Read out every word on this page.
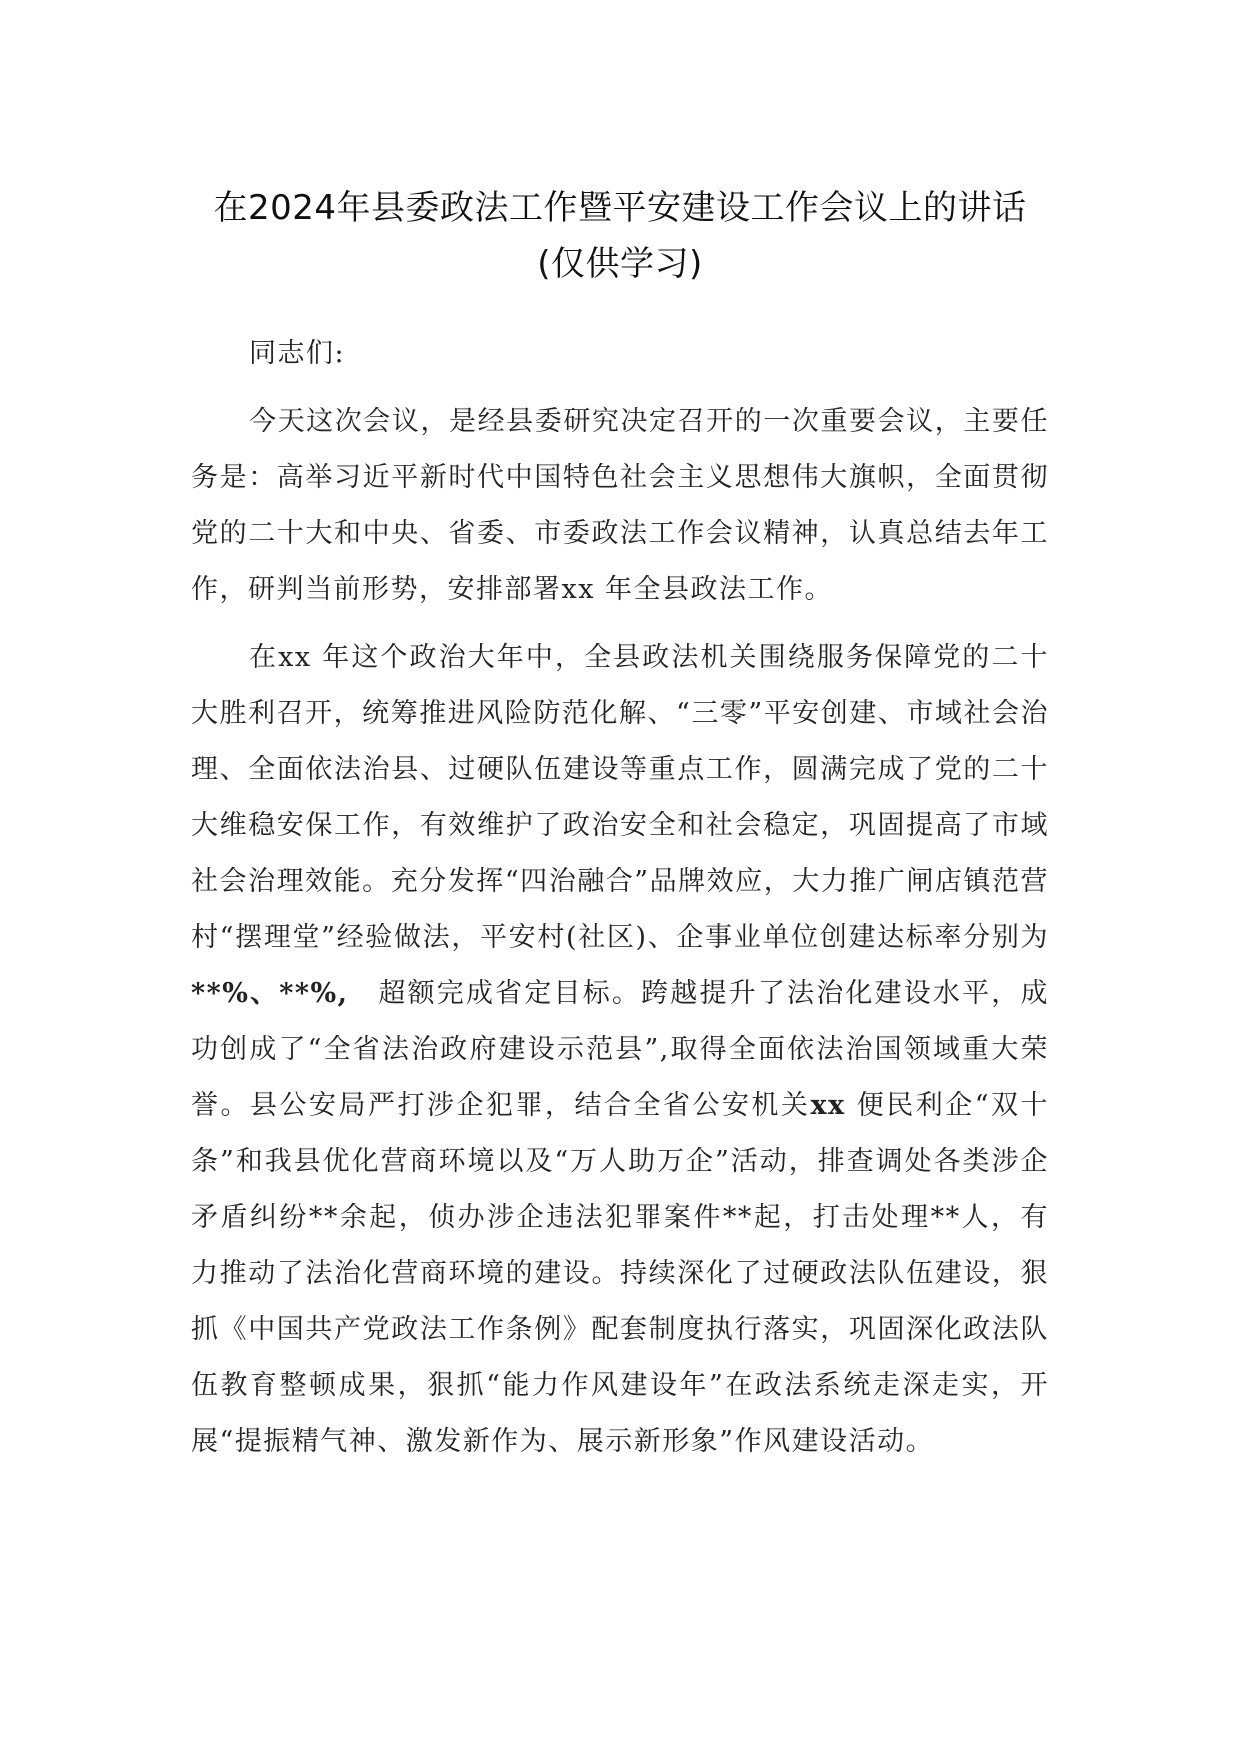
在2024年县委政法工作暨平安建设工作会议上的讲话(仅供学习)

同志们:

今天这次会议，是经县委研究决定召开的一次重要会议，主要任务是：高举习近平新时代中国特色社会主义思想伟大旗帜，全面贯彻党的二十大和中央、省委、市委政法工作会议精神，认真总结去年工作，研判当前形势，安排部署xx 年全县政法工作。

在xx 年这个政治大年中，全县政法机关围绕服务保障党的二十大胜利召开，统筹推进风险防范化解、“三零”平安创建、市域社会治理、全面依法治县、过硬队伍建设等重点工作，圆满完成了党的二十大维稳安保工作，有效维护了政治安全和社会稳定，巩固提高了市域社会治理效能。充分发挥“四治融合”品牌效应，大力推广闸店镇范营村“摆理堂”经验做法，平安村(社区)、企事业单位创建达标率分别为**%、**%,　超额完成省定目标。跨越提升了法治化建设水平，成功创成了“全省法治政府建设示范县”,取得全面依法治国领域重大荣誉。县公安局严打涉企犯罪，结合全省公安机关xx 便民利企“双十条”和我县优化营商环境以及“万人助万企”活动，排查调处各类涉企矛盾纠纷**余起，侦办涉企违法犯罪案件**起，打击处理**人，有力推动了法治化营商环境的建设。持续深化了过硬政法队伍建设，狠抓《中国共产党政法工作条例》配套制度执行落实，巩固深化政法队伍教育整顿成果，狠抓“能力作风建设年”在政法系统走深走实，开展“提振精气神、激发新作为、展示新形象”作风建设活动。
